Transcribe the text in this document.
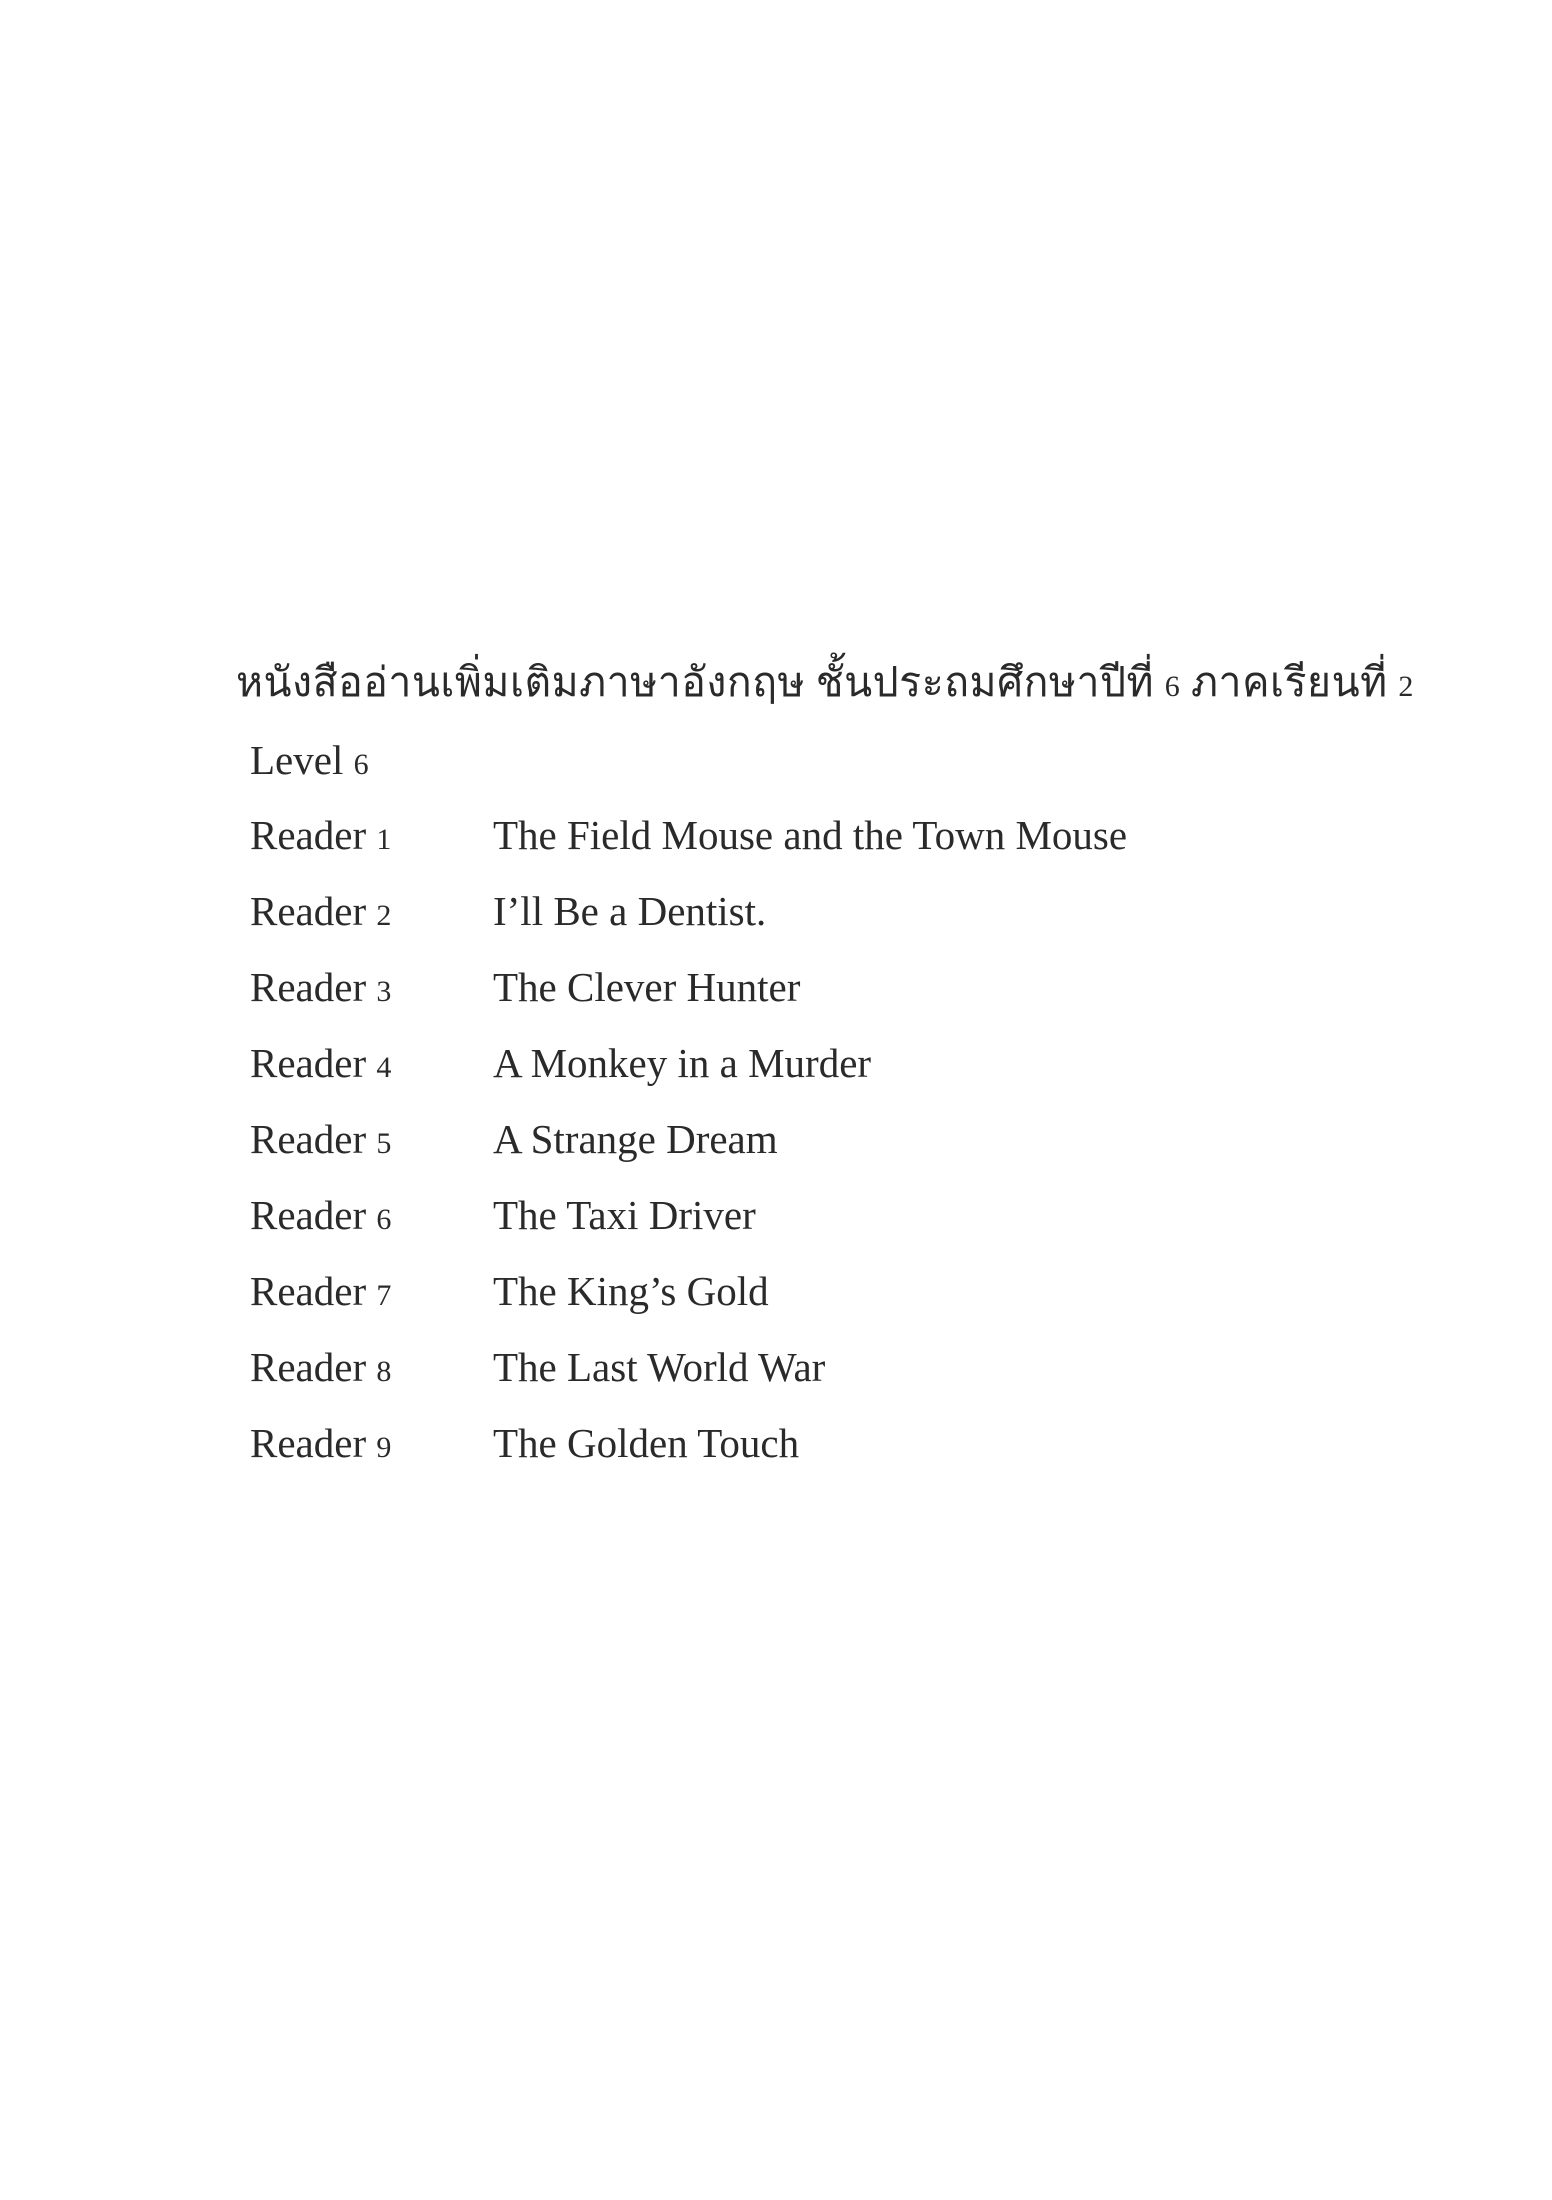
หนังสืออ่านเพิ่มเติมภาษาอังกฤษ ชั้นประถมศึกษาปีที่ 6 ภาคเรียนที่ 2
Level 6
Reader 1 The Field Mouse and the Town Mouse
Reader 2 I’ll Be a Dentist.
Reader 3 The Clever Hunter
Reader 4 A Monkey in a Murder
Reader 5 A Strange Dream
Reader 6 The Taxi Driver
Reader 7 The King’s Gold
Reader 8 The Last World War
Reader 9 The Golden Touch
